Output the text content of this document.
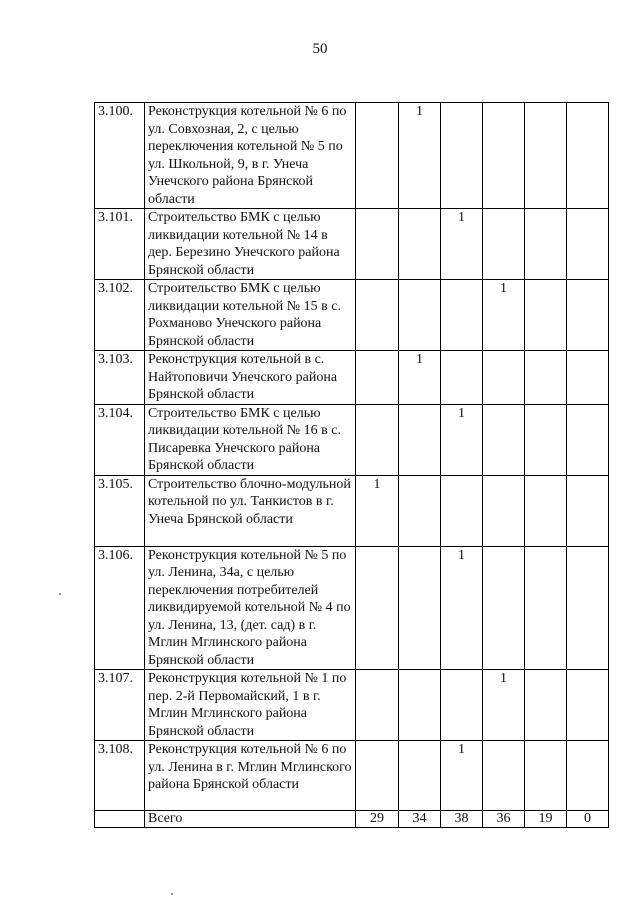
50
3.100.	Реконструкция котельной № 6 по ул. Совхозная, 2, с целью переключения котельной № 5 по ул. Школьной, 9, в г. Унеча Унечского района Брянской области		1				
3.101.	Строительство БМК с целью ликвидации котельной № 14 в дер. Березино Унечского района Брянской области			1			
3.102.	Строительство БМК с целью ликвидации котельной № 15 в с. Рохманово Унечского района Брянской области				1		
3.103.	Реконструкция котельной в с. Найтоповичи Унечского района Брянской области		1				
3.104.	Строительство БМК с целью ликвидации котельной № 16 в с. Писаревка Унечского района Брянской области			1			
3.105.	Строительство блочно-модульной котельной по ул. Танкистов в г. Унеча Брянской области	1					
3.106.	Реконструкция котельной № 5 по ул. Ленина, 34а, с целью переключения потребителей ликвидируемой котельной № 4 по ул. Ленина, 13, (дет. сад) в г. Мглин Мглинского района Брянской области			1			
3.107.	Реконструкция котельной № 1 по пер. 2-й Первомайский, 1 в г. Мглин Мглинского района Брянской области				1		
3.108.	Реконструкция котельной № 6 по ул. Ленина в г. Мглин Мглинского района Брянской области			1			
	Всего	29	34	38	36	19	0
